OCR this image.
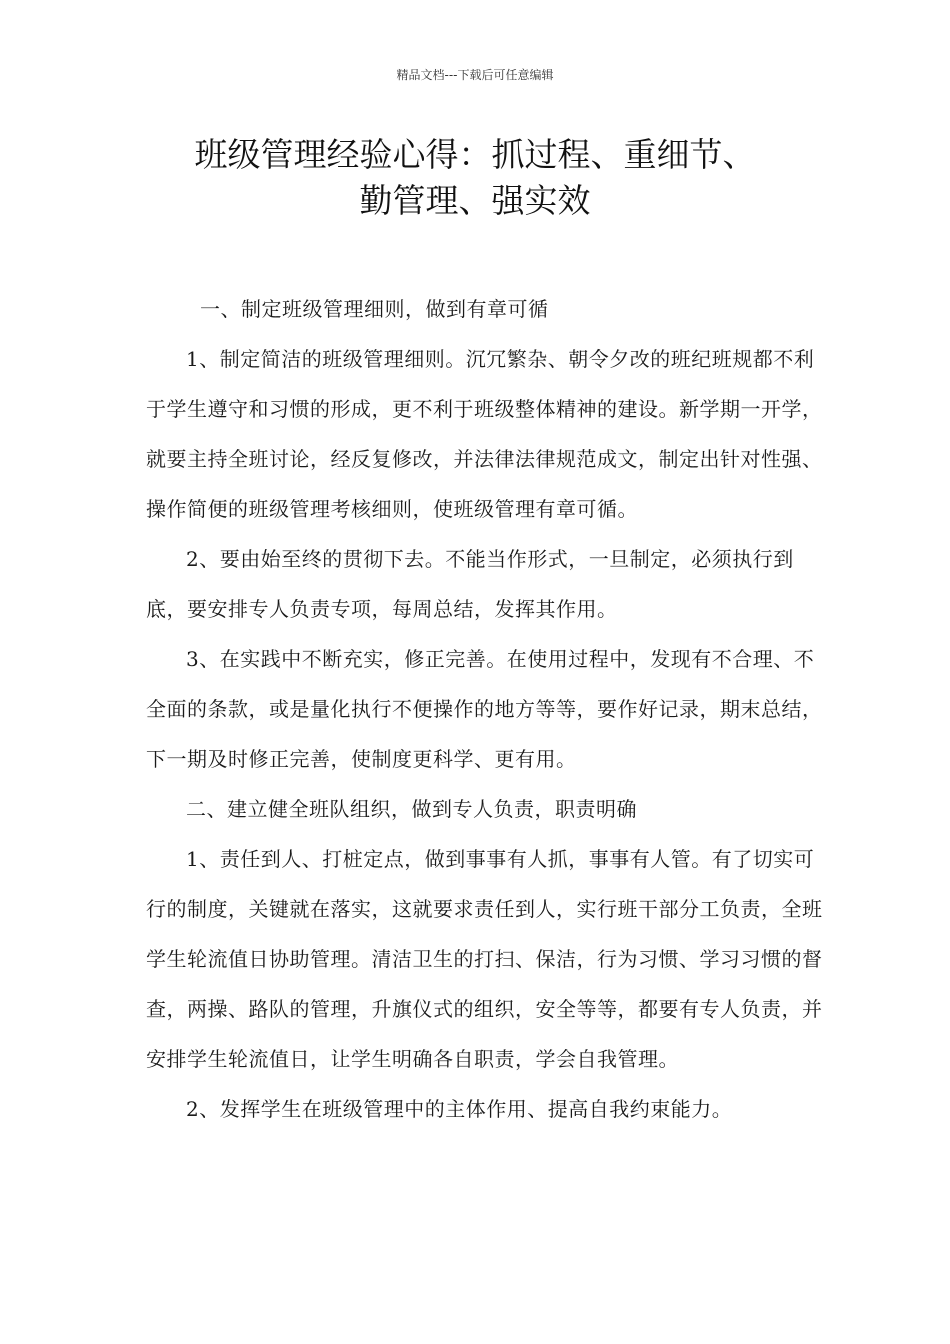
精品文档---下载后可任意编辑
班级管理经验心得：抓过程、重细节、
勤管理、强实效

一、制定班级管理细则，做到有章可循

1、制定简洁的班级管理细则。沉冗繁杂、朝令夕改的班纪班规都不利于学生遵守和习惯的形成，更不利于班级整体精神的建设。新学期一开学，就要主持全班讨论，经反复修改，并法律法律规范成文，制定出针对性强、操作简便的班级管理考核细则，使班级管理有章可循。

2、要由始至终的贯彻下去。不能当作形式，一旦制定，必须执行到底，要安排专人负责专项，每周总结，发挥其作用。

3、在实践中不断充实，修正完善。在使用过程中，发现有不合理、不全面的条款，或是量化执行不便操作的地方等等，要作好记录，期末总结，下一期及时修正完善，使制度更科学、更有用。

二、建立健全班队组织，做到专人负责，职责明确

1、责任到人、打桩定点，做到事事有人抓，事事有人管。有了切实可行的制度，关键就在落实，这就要求责任到人，实行班干部分工负责，全班学生轮流值日协助管理。清洁卫生的打扫、保洁，行为习惯、学习习惯的督查，两操、路队的管理，升旗仪式的组织，安全等等，都要有专人负责，并安排学生轮流值日，让学生明确各自职责，学会自我管理。

2、发挥学生在班级管理中的主体作用、提高自我约束能力。
